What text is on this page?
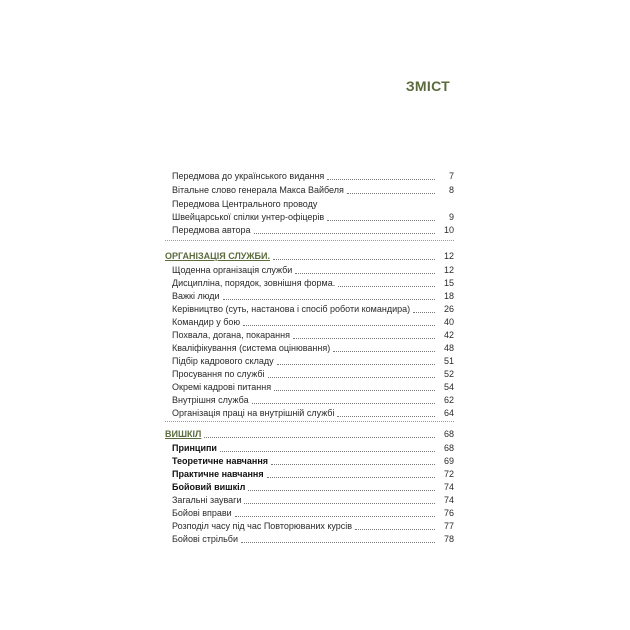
ЗМІСТ
Передмова до українського видання	7
Вітальне слово генерала Макса Вайбеля	8
Передмова Центрального проводу
Швейцарської спілки унтер-офіцерів	9
Передмова автора	10
ОРГАНІЗАЦІЯ СЛУЖБИ.	12
Щоденна організація служби	12
Дисципліна, порядок, зовнішня форма.	15
Важкі люди	18
Керівництво (суть, настанова і спосіб роботи командира)	26
Командир у бою	40
Похвала, догана, покарання	42
Кваліфікування (система оцінювання)	48
Підбір кадрового складу	51
Просування по службі	52
Окремі кадрові питання	54
Внутрішня служба	62
Організація праці на внутрішній службі	64
ВИШКІЛ	68
Принципи	68
Теоретичне навчання	69
Практичне навчання	72
Бойовий вишкіл	74
Загальні зауваги	74
Бойові вправи	76
Розподіл часу під час Повторюваних курсів	77
Бойові стрільби	78
